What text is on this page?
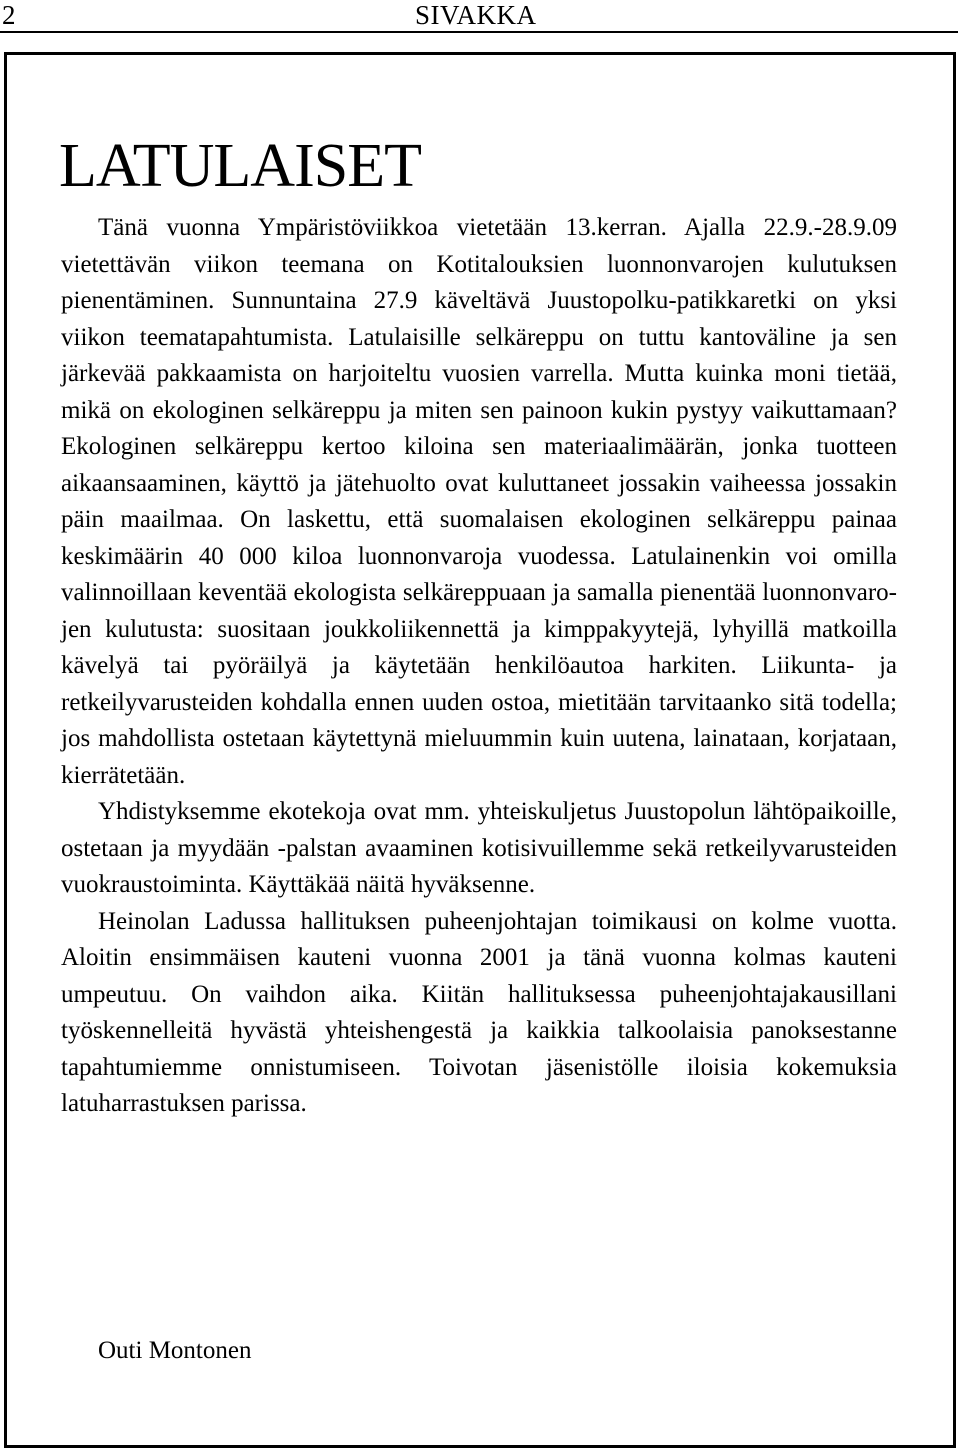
2	SIVAKKA
LATULAISET

Tänä vuonna Ympäristöviikkoa vietetään 13.kerran. Ajalla 22.9.-28.9.09 vietettävän viikon teemana on Kotitalouksien luonnonvarojen kulutuksen pienentäminen. Sunnuntaina 27.9 käveltävä Juustopolku-patikkaretki on yksi viikon teematapahtumista. Latulaisille selkäreppu on tuttu kantoväline ja sen järkevää pakkaamista on harjoiteltu vuosien varrella. Mutta kuinka moni tietää, mikä on ekologinen selkäreppu ja miten sen painoon kukin pystyy vaikuttamaan? Ekologinen selkäreppu kertoo kiloina sen materiaalimäärän, jonka tuotteen aikaansaaminen, käyttö ja jätehuolto ovat kuluttaneet jossakin vaiheessa jossakin päin maailmaa. On laskettu, että suomalaisen ekologinen selkäreppu painaa keskimäärin 40 000 kiloa luonnonvaroja vuodessa. Latulainenkin voi omilla valinnoillaan keventää ekologista selkäreppuaan ja samalla pienentää luonnonvarojen kulutusta: suositaan joukkoliikennettä ja kimppakyytejä, lyhyillä matkoilla kävelyä tai pyöräilyä ja käytetään henkilöautoa harkiten. Liikunta- ja retkeilyvarusteiden kohdalla ennen uuden ostoa, mietitään tarvitaanko sitä todella; jos mahdollista ostetaan käytettynä mieluummin kuin uutena, lainataan, korjataan, kierrätetään.

Yhdistyksemme ekotekoja ovat mm. yhteiskuljetus Juustopolun lähtöpaikoille, ostetaan ja myydään -palstan avaaminen kotisivuillemme sekä retkeilyvarusteiden vuokraustoiminta. Käyttäkää näitä hyväksenne.

Heinolan Ladussa hallituksen puheenjohtajan toimikausi on kolme vuotta. Aloitin ensimmäisen kauteni vuonna 2001 ja tänä vuonna kolmas kauteni umpeutuu. On vaihdon aika. Kiitän hallituksessa puheenjohtajakausillani työskennelleitä hyvästä yhteishengestä ja kaikkia talkoolaisia panoksestanne tapahtumiemme onnistumiseen. Toivotan jäsenistölle iloisia kokemuksia latuharrastuksen parissa.

Outi Montonen
